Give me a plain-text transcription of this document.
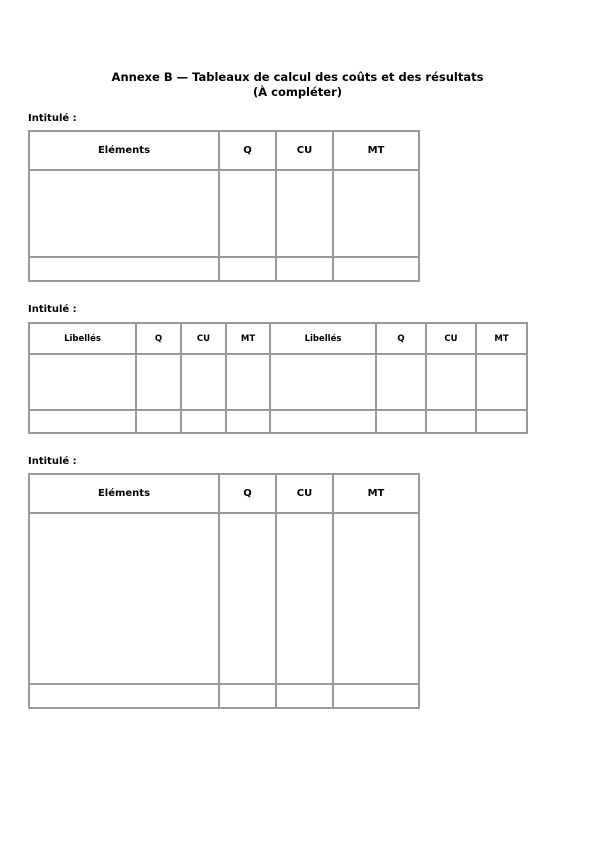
Annexe B — Tableaux de calcul des coûts et des résultats
(À compléter)
Intitulé :
Eléments	Q	CU	MT

Intitulé :
Libellés	Q	CU	MT	Libellés	Q	CU	MT

Intitulé :
Eléments	Q	CU	MT
